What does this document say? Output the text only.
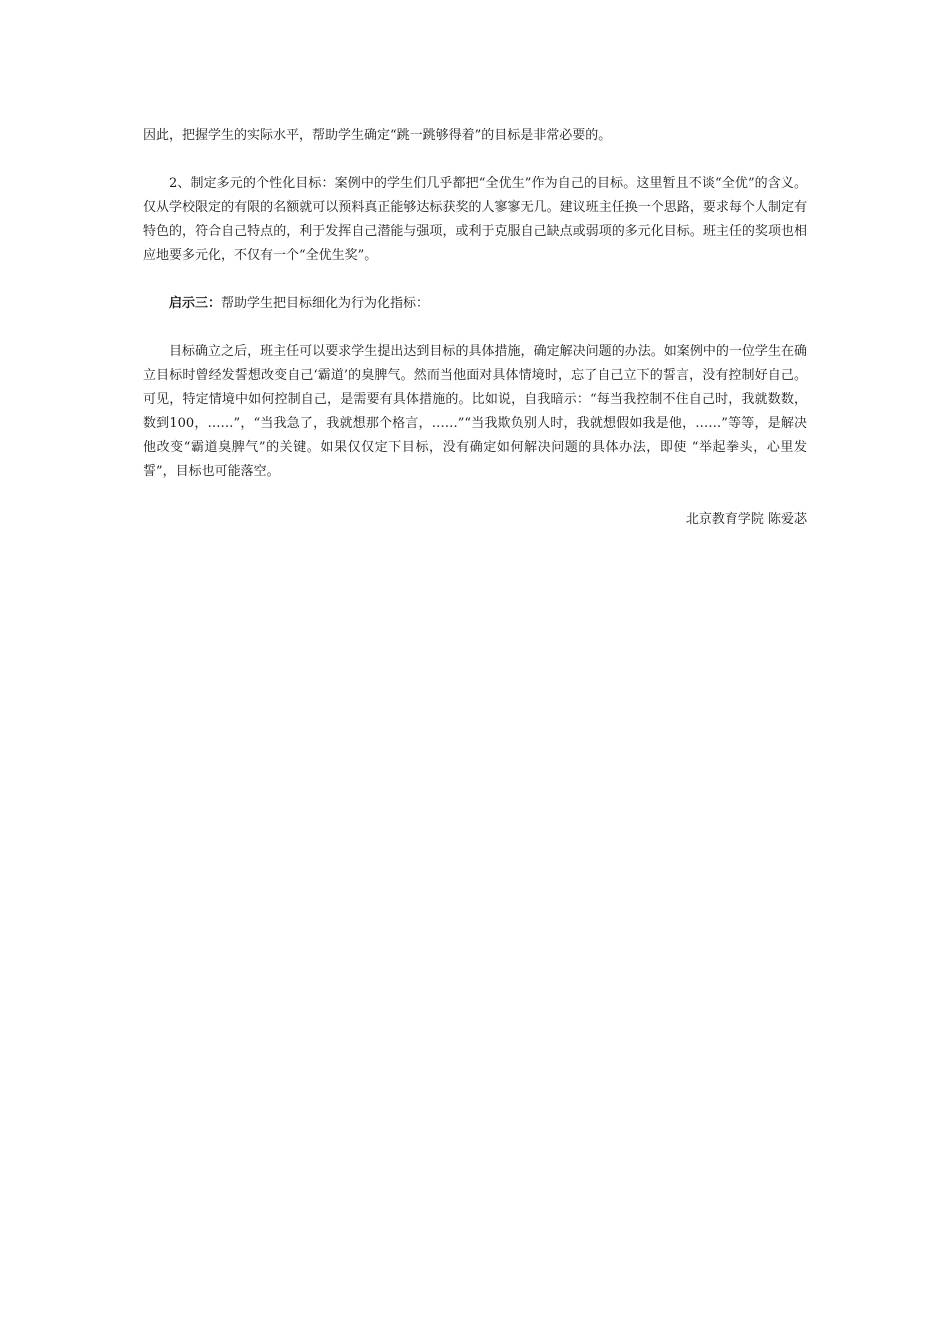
因此，把握学生的实际水平，帮助学生确定“跳一跳够得着”的目标是非常必要的。

2、制定多元的个性化目标：案例中的学生们几乎都把“全优生”作为自己的目标。这里暂且不谈“全优”的含义。仅从学校限定的有限的名额就可以预料真正能够达标获奖的人寥寥无几。建议班主任换一个思路，要求每个人制定有特色的，符合自己特点的，利于发挥自己潜能与强项，或利于克服自己缺点或弱项的多元化目标。班主任的奖项也相应地要多元化，不仅有一个“全优生奖”。

启示三：帮助学生把目标细化为行为化指标：

目标确立之后，班主任可以要求学生提出达到目标的具体措施，确定解决问题的办法。如案例中的一位学生在确立目标时曾经发誓想改变自己‘霸道’的臭脾气。然而当他面对具体情境时，忘了自己立下的誓言，没有控制好自己。可见，特定情境中如何控制自己，是需要有具体措施的。比如说，自我暗示：“每当我控制不住自己时，我就数数，数到100，……”，“当我急了，我就想那个格言，……”“当我欺负别人时，我就想假如我是他，……”等等，是解决他改变“霸道臭脾气”的关键。如果仅仅定下目标，没有确定如何解决问题的具体办法，即使 “举起拳头，心里发誓”，目标也可能落空。

北京教育学院 陈爱苾
